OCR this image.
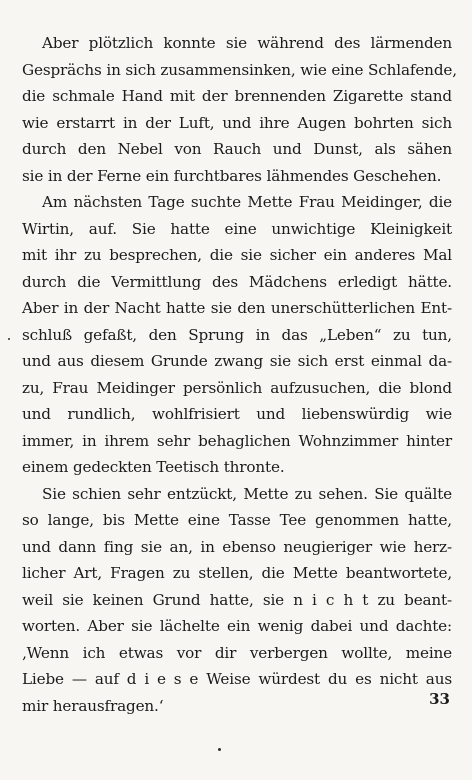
Aber plötzlich konnte sie während des lärmenden
Gesprächs in sich zusammensinken, wie eine Schlafende,
die schmale Hand mit der brennenden Zigarette stand
wie erstarrt in der Luft, und ihre Augen bohrten sich
durch den Nebel von Rauch und Dunst, als sähen
sie in der Ferne ein furchtbares lähmendes Geschehen.

Am nächsten Tage suchte Mette Frau Meidinger, die
Wirtin, auf. Sie hatte eine unwichtige Kleinigkeit
mit ihr zu besprechen, die sie sicher ein anderes Mal
durch die Vermittlung des Mädchens erledigt hätte.
Aber in der Nacht hatte sie den unerschütterlichen Ent-
schluß gefaßt, den Sprung in das „Leben“ zu tun,
und aus diesem Grunde zwang sie sich erst einmal da-
zu, Frau Meidinger persönlich aufzusuchen, die blond
und rundlich, wohlfrisiert und liebenswürdig wie
immer, in ihrem sehr behaglichen Wohnzimmer hinter
einem gedeckten Teetisch thronte.

Sie schien sehr entzückt, Mette zu sehen. Sie quälte
so lange, bis Mette eine Tasse Tee genommen hatte,
und dann fing sie an, in ebenso neugieriger wie herz-
licher Art, Fragen zu stellen, die Mette beantwortete,
weil sie keinen Grund hatte, sie n i c h t zu beant-
worten. Aber sie lächelte ein wenig dabei und dachte:
‚Wenn ich etwas vor dir verbergen wollte, meine
Liebe — auf d i e s e Weise würdest du es nicht aus
mir herausfragen.‘	33
